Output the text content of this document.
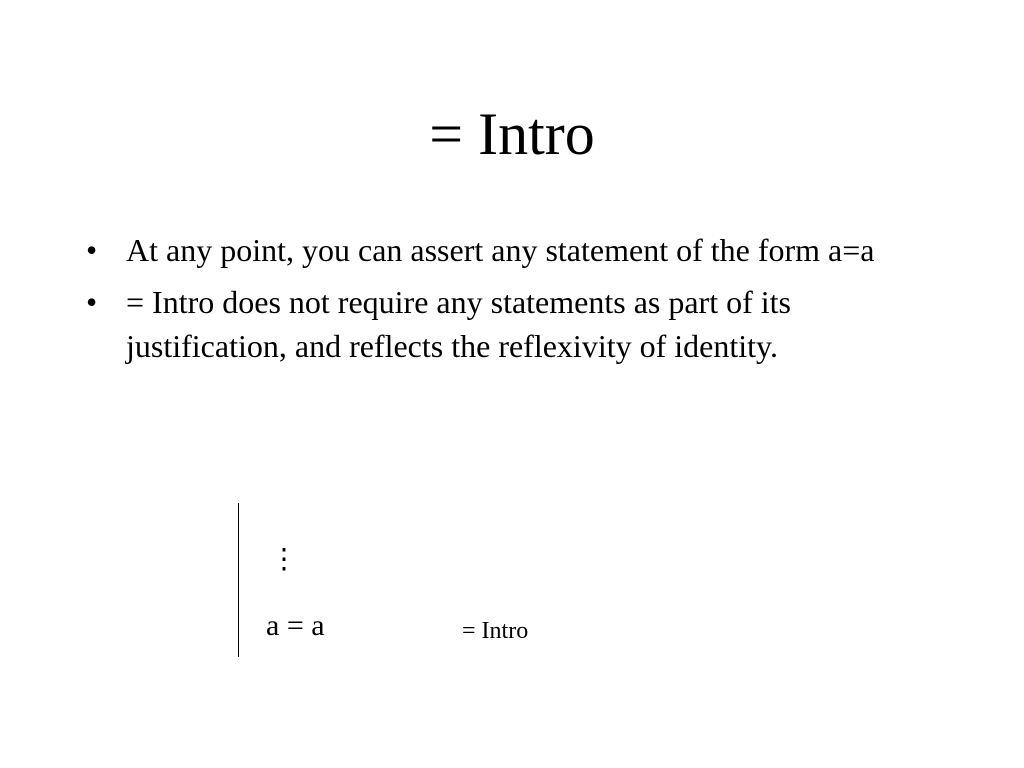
= Intro
• At any point, you can assert any statement of the form a=a
• = Intro does not require any statements as part of its justification, and reflects the reflexivity of identity.
⋮
a = a	= Intro
